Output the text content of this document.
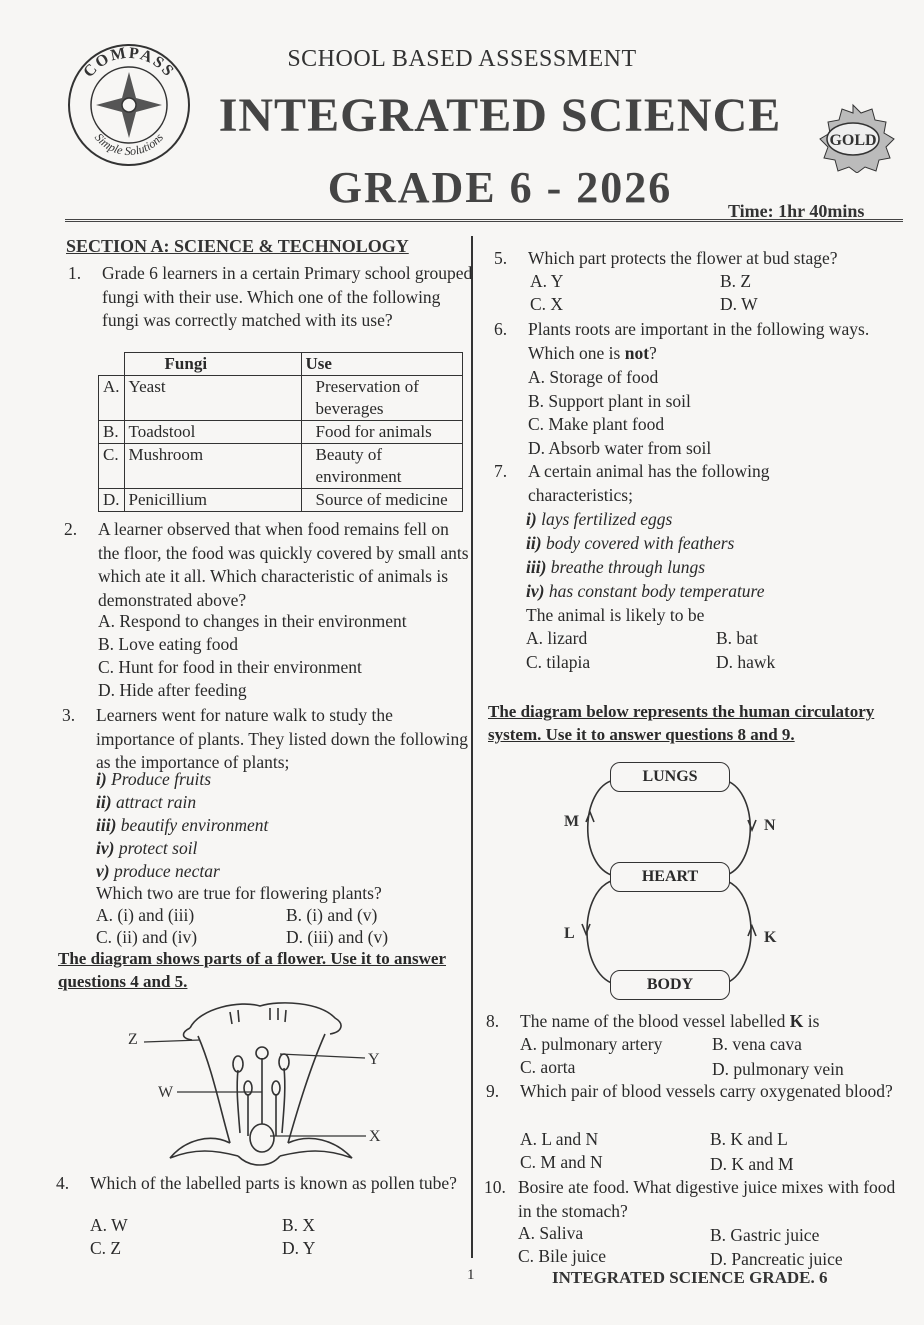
COMPASS
Simple Solutions
SCHOOL BASED ASSESSMENT
INTEGRATED SCIENCE
GRADE 6 - 2026
GOLD
Time: 1hr 40mins
SECTION A: SCIENCE & TECHNOLOGY
1. Grade 6 learners in a certain Primary school grouped fungi with their use. Which one of the following fungi was correctly matched with its use?
	Fungi	Use
A.	Yeast	Preservation of beverages
B.	Toadstool	Food for animals
C.	Mushroom	Beauty of environment
D.	Penicillium	Source of medicine
2. A learner observed that when food remains fell on the floor, the food was quickly covered by small ants which ate it all. Which characteristic of animals is demonstrated above?
A. Respond to changes in their environment
B. Love eating food
C. Hunt for food in their environment
D. Hide after feeding
3. Learners went for nature walk to study the importance of plants. They listed down the following as the importance of plants;
i) Produce fruits
ii) attract rain
iii) beautify environment
iv) protect soil
v) produce nectar
Which two are true for flowering plants?
A. (i) and (iii)	B. (i) and (v)
C. (ii) and (iv)	D. (iii) and (v)
The diagram shows parts of a flower. Use it to answer questions 4 and 5.
Z
W
Y
X
4. Which of the labelled parts is known as pollen tube?
A. W	B. X
C. Z	D. Y
5. Which part protects the flower at bud stage?
A. Y	B. Z
C. X	D. W
6. Plants roots are important in the following ways. Which one is not?
A. Storage of food
B. Support plant in soil
C. Make plant food
D. Absorb water from soil
7. A certain animal has the following characteristics;
i) lays fertilized eggs
ii) body covered with feathers
iii) breathe through lungs
iv) has constant body temperature
The animal is likely to be
A. lizard	B. bat
C. tilapia	D. hawk
The diagram below represents the human circulatory system. Use it to answer questions 8 and 9.
M	N
L	K
LUNGS
HEART
BODY
8. The name of the blood vessel labelled K is
A. pulmonary artery	B. vena cava
C. aorta	D. pulmonary vein
9. Which pair of blood vessels carry oxygenated blood?
A. L and N	B. K and L
C. M and N	D. K and M
10. Bosire ate food. What digestive juice mixes with food in the stomach?
A. Saliva	B. Gastric juice
C. Bile juice	D. Pancreatic juice
1	INTEGRATED SCIENCE GRADE. 6
